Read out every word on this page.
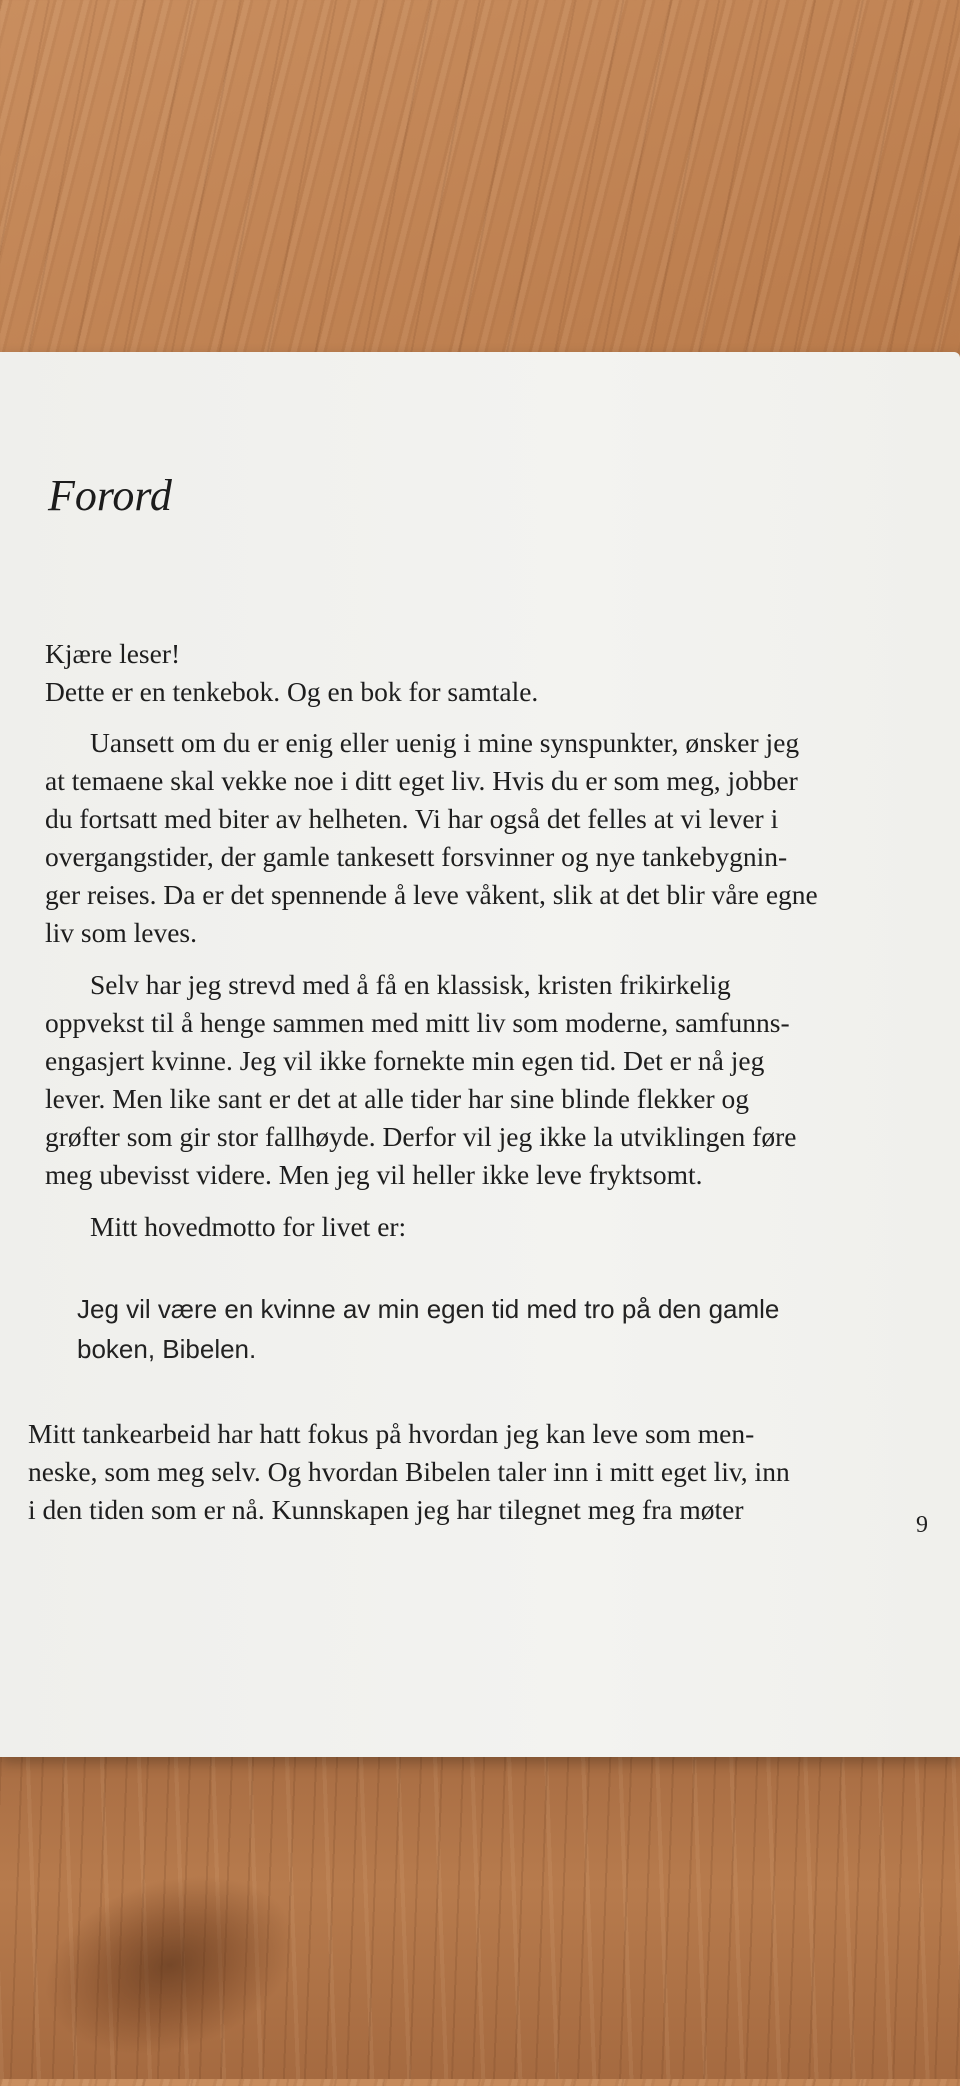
Forord
Kjære leser!
Dette er en tenkebok. Og en bok for samtale.
Uansett om du er enig eller uenig i mine synspunkter, ønsker jeg
at temaene skal vekke noe i ditt eget liv. Hvis du er som meg, jobber
du fortsatt med biter av helheten. Vi har også det felles at vi lever i
overgangstider, der gamle tankesett forsvinner og nye tankebygnin-
ger reises. Da er det spennende å leve våkent, slik at det blir våre egne
liv som leves.
Selv har jeg strevd med å få en klassisk, kristen frikirkelig
oppvekst til å henge sammen med mitt liv som moderne, samfunns-
engasjert kvinne. Jeg vil ikke fornekte min egen tid. Det er nå jeg
lever. Men like sant er det at alle tider har sine blinde flekker og
grøfter som gir stor fallhøyde. Derfor vil jeg ikke la utviklingen føre
meg ubevisst videre. Men jeg vil heller ikke leve fryktsomt.
Mitt hovedmotto for livet er:
Jeg vil være en kvinne av min egen tid med tro på den gamle
boken, Bibelen.
Mitt tankearbeid har hatt fokus på hvordan jeg kan leve som men-
neske, som meg selv. Og hvordan Bibelen taler inn i mitt eget liv, inn
i den tiden som er nå. Kunnskapen jeg har tilegnet meg fra møter	9
